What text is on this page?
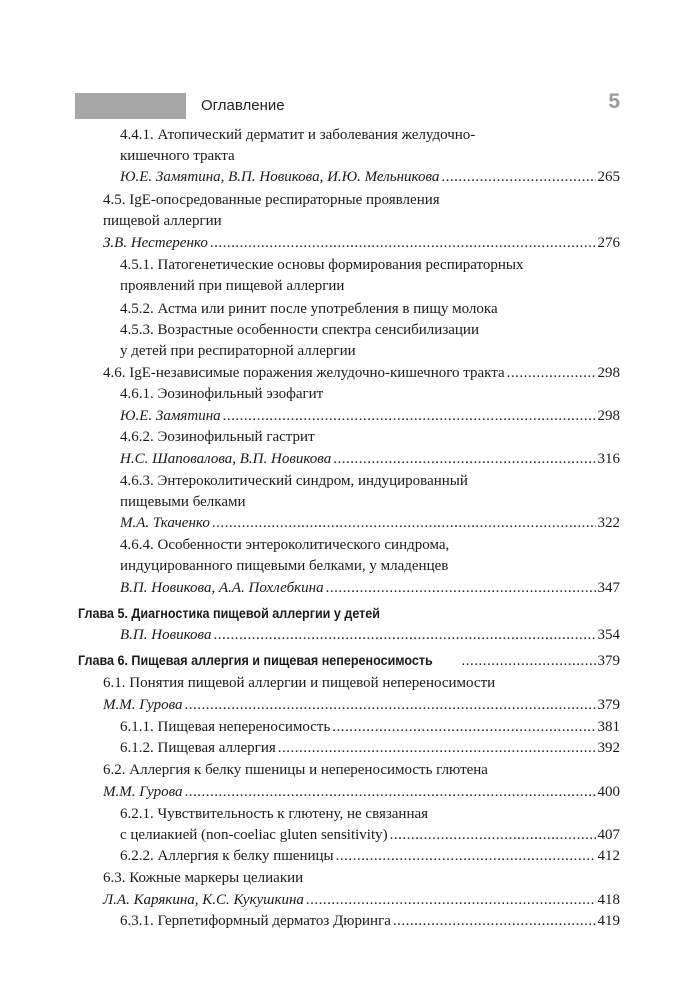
Оглавление	5
4.4.1. Атопический дерматит и заболевания желудочно-
кишечного тракта
Ю.Е. Замятина, В.П. Новикова, И.Ю. Мельникова .....	265
4.5. IgE-опосредованные респираторные проявления
пищевой аллергии
З.В. Нестеренко .....	276
4.5.1. Патогенетические основы формирования респираторных
проявлений при пищевой аллергии
4.5.2. Астма или ринит после употребления в пищу молока
4.5.3. Возрастные особенности спектра сенсибилизации
у детей при респираторной аллергии
4.6. IgE-независимые поражения желудочно-кишечного тракта .....	298
4.6.1. Эозинофильный эзофагит
Ю.Е. Замятина .....	298
4.6.2. Эозинофильный гастрит
Н.С. Шаповалова, В.П. Новикова .....	316
4.6.3. Энтероколитический синдром, индуцированный
пищевыми белками
М.А. Ткаченко .....	322
4.6.4. Особенности энтероколитического синдрома,
индуцированного пищевыми белками, у младенцев
В.П. Новикова, А.А. Похлебкина .....	347
Глава 5. Диагностика пищевой аллергии у детей
В.П. Новикова .....	354
Глава 6. Пищевая аллергия и пищевая непереносимость .....	379
6.1. Понятия пищевой аллергии и пищевой непереносимости
М.М. Гурова .....	379
6.1.1. Пищевая непереносимость .....	381
6.1.2. Пищевая аллергия .....	392
6.2. Аллергия к белку пшеницы и непереносимость глютена
М.М. Гурова .....	400
6.2.1. Чувствительность к глютену, не связанная
с целиакией (non-coeliac gluten sensitivity) .....	407
6.2.2. Аллергия к белку пшеницы .....	412
6.3. Кожные маркеры целиакии
Л.А. Карякина, К.С. Кукушкина .....	418
6.3.1. Герпетиформный дерматоз Дюринга .....	419
